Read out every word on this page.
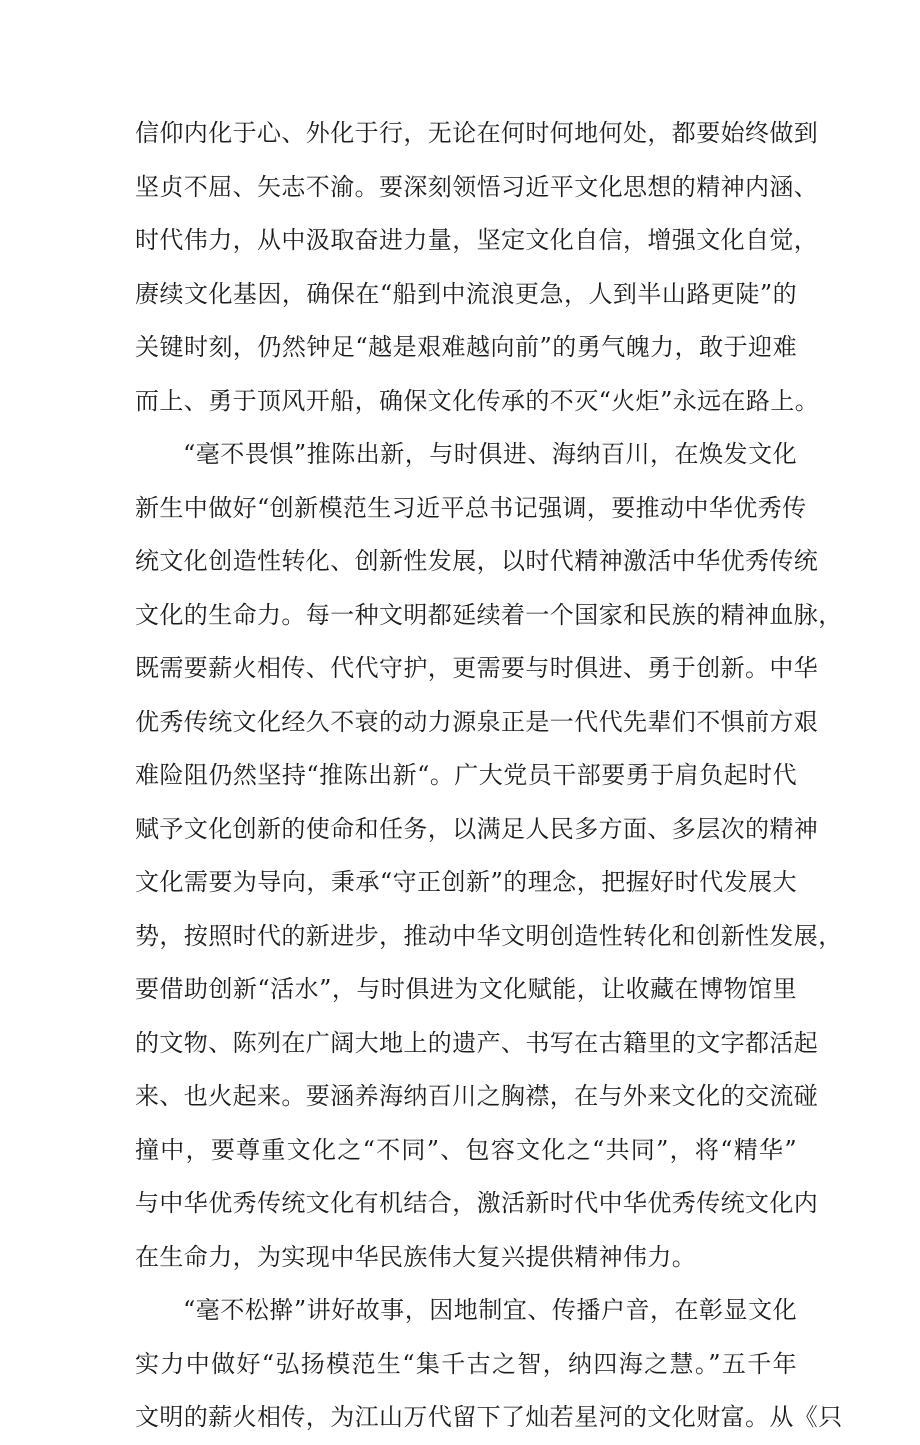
信仰内化于心、外化于行，无论在何时何地何处，都要始终做到
坚贞不屈、矢志不渝。要深刻领悟习近平文化思想的精神内涵、
时代伟力，从中汲取奋进力量，坚定文化自信，增强文化自觉，
赓续文化基因，确保在“船到中流浪更急，人到半山路更陡”的
关键时刻，仍然钟足“越是艰难越向前”的勇气魄力，敢于迎难
而上、勇于顶风开船，确保文化传承的不灭“火炬”永远在路上。
“毫不畏惧”推陈出新，与时俱进、海纳百川，在焕发文化
新生中做好“创新模范生习近平总书记强调，要推动中华优秀传
统文化创造性转化、创新性发展，以时代精神激活中华优秀传统
文化的生命力。每一种文明都延续着一个国家和民族的精神血脉，
既需要薪火相传、代代守护，更需要与时俱进、勇于创新。中华
优秀传统文化经久不衰的动力源泉正是一代代先辈们不惧前方艰
难险阻仍然坚持“推陈出新“。广大党员干部要勇于肩负起时代
赋予文化创新的使命和任务，以满足人民多方面、多层次的精神
文化需要为导向，秉承“守正创新”的理念，把握好时代发展大
势，按照时代的新进步，推动中华文明创造性转化和创新性发展，
要借助创新“活水”，与时俱进为文化赋能，让收藏在博物馆里
的文物、陈列在广阔大地上的遗产、书写在古籍里的文字都活起
来、也火起来。要涵养海纳百川之胸襟，在与外来文化的交流碰
撞中，要尊重文化之“不同”、包容文化之“共同”，将“精华”
与中华优秀传统文化有机结合，激活新时代中华优秀传统文化内
在生命力，为实现中华民族伟大复兴提供精神伟力。
“毫不松擀”讲好故事，因地制宜、传播户音，在彰显文化
实力中做好“弘扬模范生“集千古之智，纳四海之慧。”五千年
文明的薪火相传，为江山万代留下了灿若星河的文化财富。从《只
